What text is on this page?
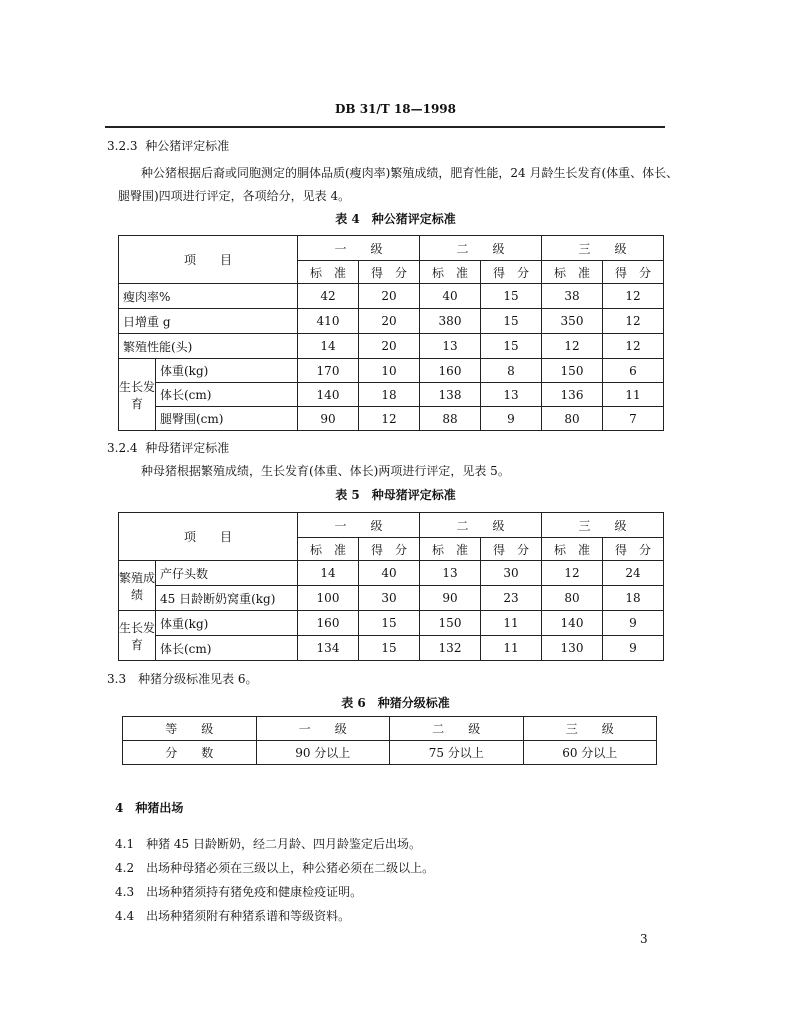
DB 31/T 18—1998
3.2.3 种公猪评定标准
种公猪根据后裔或同胞测定的胴体品质(瘦肉率)繁殖成绩，肥育性能，24 月龄生长发育(体重、体长、
腿臀围)四项进行评定，各项给分，见表 4。
表 4　种公猪评定标准
项　　目		一　　级		二　　级		三　　级	
		标　准	得　分	标　准	得　分	标　准	得　分
瘦肉率%		42	20	40	15	38	12
日增重 g		410	20	380	15	350	12
繁殖性能(头)		14	20	13	15	12	12
生长发育	体重(kg)	170	10	160	8	150	6
	体长(cm)	140	18	138	13	136	11
	腿臀围(cm)	90	12	88	9	80	7
3.2.4 种母猪评定标准
种母猪根据繁殖成绩，生长发育(体重、体长)两项进行评定，见表 5。
表 5　种母猪评定标准
项　　目		一　　级		二　　级		三　　级	
		标　准	得　分	标　准	得　分	标　准	得　分
繁殖成绩	产仔头数	14	40	13	30	12	24
	45 日龄断奶窝重(kg)	100	30	90	23	80	18
生长发育	体重(kg)	160	15	150	11	140	9
	体长(cm)	134	15	132	11	130	9
3.3　种猪分级标准见表 6。
表 6　种猪分级标准
等　　级	一　　级	二　　级	三　　级
分　　数	90 分以上	75 分以上	60 分以上
4　种猪出场
4.1　种猪 45 日龄断奶，经二月龄、四月龄鉴定后出场。
4.2　出场种母猪必须在三级以上，种公猪必须在二级以上。
4.3　出场种猪须持有猪免疫和健康检疫证明。
4.4　出场种猪须附有种猪系谱和等级资料。
3
